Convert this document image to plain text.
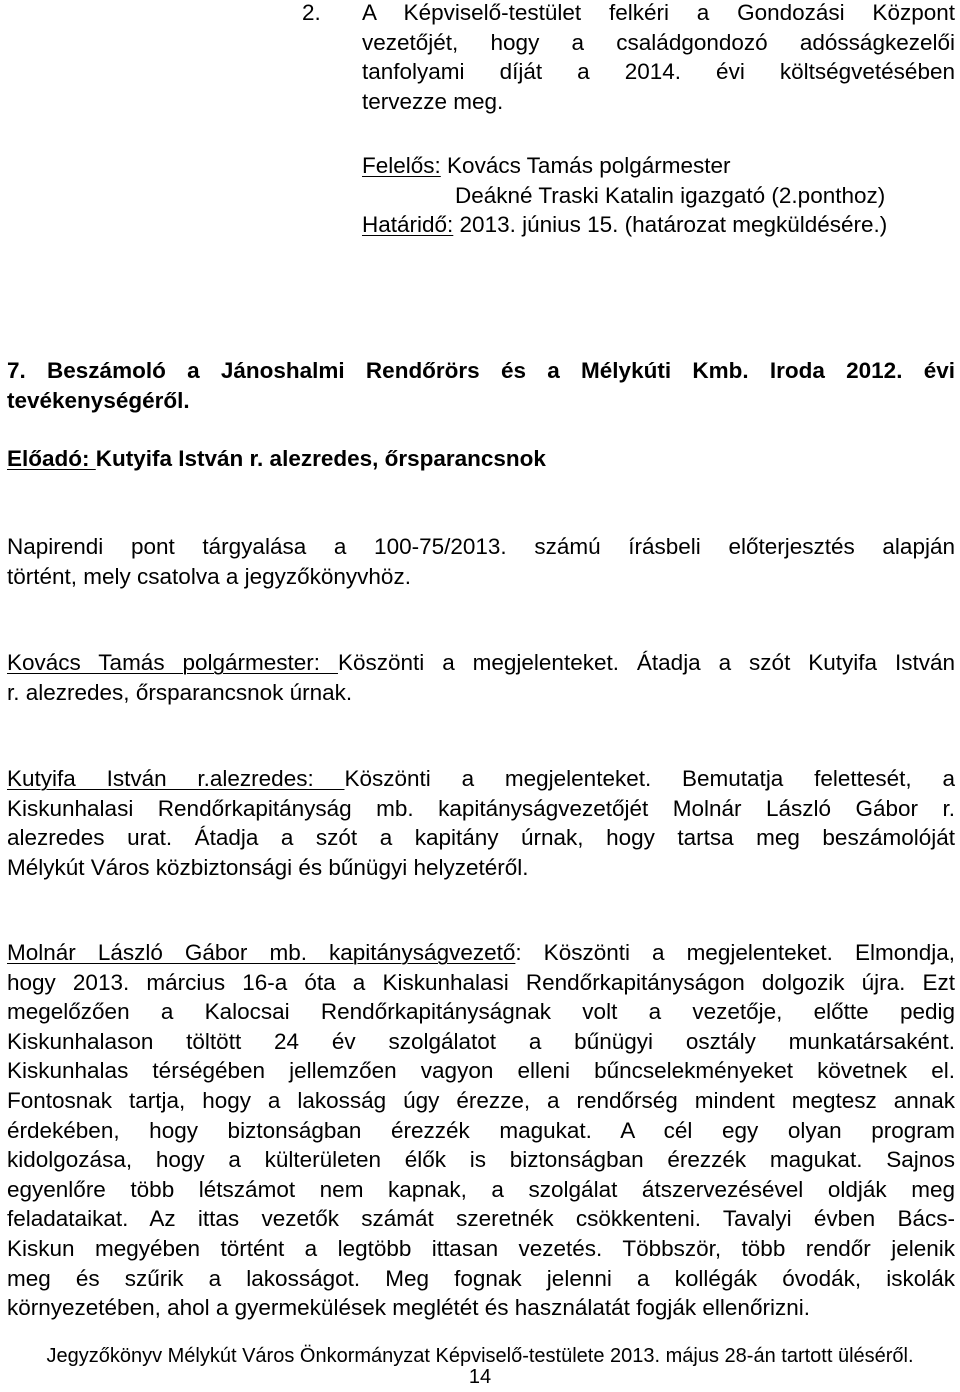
2. A Képviselő-testület felkéri a Gondozási Központ
vezetőjét, hogy a családgondozó adósságkezelői
tanfolyami díját a 2014. évi költségvetésében
tervezze meg.
Felelős: Kovács Tamás polgármester
Deákné Traski Katalin igazgató (2.ponthoz)
Határidő: 2013. június 15. (határozat megküldésére.)
7. Beszámoló a Jánoshalmi Rendőrörs és a Mélykúti Kmb. Iroda 2012. évi
tevékenységéről.
Előadó: Kutyifa István r. alezredes, őrsparancsnok
Napirendi pont tárgyalása a 100-75/2013. számú írásbeli előterjesztés alapján
történt, mely csatolva a jegyzőkönyvhöz.
Kovács Tamás polgármester: Köszönti a megjelenteket. Átadja a szót Kutyifa István
r. alezredes, őrsparancsnok úrnak.
Kutyifa István r.alezredes: Köszönti a megjelenteket. Bemutatja felettesét, a
Kiskunhalasi Rendőrkapitányság mb. kapitányságvezetőjét Molnár László Gábor r.
alezredes urat. Átadja a szót a kapitány úrnak, hogy tartsa meg beszámolóját
Mélykút Város közbiztonsági és bűnügyi helyzetéről.
Molnár László Gábor mb. kapitányságvezető: Köszönti a megjelenteket. Elmondja,
hogy 2013. március 16-a óta a Kiskunhalasi Rendőrkapitányságon dolgozik újra. Ezt
megelőzően a Kalocsai Rendőrkapitányságnak volt a vezetője, előtte pedig
Kiskunhalason töltött 24 év szolgálatot a bűnügyi osztály munkatársaként.
Kiskunhalas térségében jellemzően vagyon elleni bűncselekményeket követnek el.
Fontosnak tartja, hogy a lakosság úgy érezze, a rendőrség mindent megtesz annak
érdekében, hogy biztonságban érezzék magukat. A cél egy olyan program
kidolgozása, hogy a külterületen élők is biztonságban érezzék magukat. Sajnos
egyenlőre több létszámot nem kapnak, a szolgálat átszervezésével oldják meg
feladataikat. Az ittas vezetők számát szeretnék csökkenteni. Tavalyi évben Bács-
Kiskun megyében történt a legtöbb ittasan vezetés. Többször, több rendőr jelenik
meg és szűrik a lakosságot. Meg fognak jelenni a kollégák óvodák, iskolák
környezetében, ahol a gyermekülések meglétét és használatát fogják ellenőrizni.
Jegyzőkönyv Mélykút Város Önkormányzat Képviselő-testülete 2013. május 28-án tartott üléséről.
14
